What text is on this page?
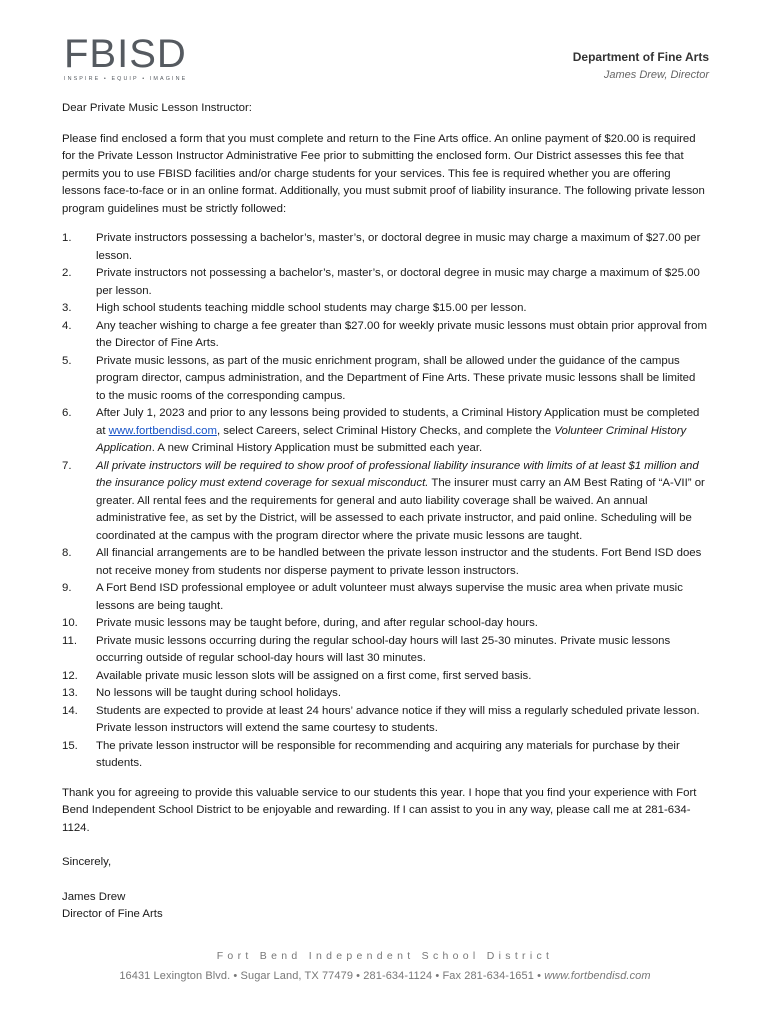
FBISD
INSPIRE • EQUIP • IMAGINE
Department of Fine Arts
James Drew, Director

Dear Private Music Lesson Instructor:

Please find enclosed a form that you must complete and return to the Fine Arts office. An online payment of $20.00 is required for the Private Lesson Instructor Administrative Fee prior to submitting the enclosed form. Our District assesses this fee that permits you to use FBISD facilities and/or charge students for your services. This fee is required whether you are offering lessons face-to-face or in an online format. Additionally, you must submit proof of liability insurance. The following private lesson program guidelines must be strictly followed:

1.	Private instructors possessing a bachelor’s, master’s, or doctoral degree in music may charge a maximum of $27.00 per lesson.
2.	Private instructors not possessing a bachelor’s, master’s, or doctoral degree in music may charge a maximum of $25.00 per lesson.
3.	High school students teaching middle school students may charge $15.00 per lesson.
4.	Any teacher wishing to charge a fee greater than $27.00 for weekly private music lessons must obtain prior approval from the Director of Fine Arts.
5.	Private music lessons, as part of the music enrichment program, shall be allowed under the guidance of the campus program director, campus administration, and the Department of Fine Arts. These private music lessons shall be limited to the music rooms of the corresponding campus.
6.	After July 1, 2023 and prior to any lessons being provided to students, a Criminal History Application must be completed at www.fortbendisd.com, select Careers, select Criminal History Checks, and complete the Volunteer Criminal History Application. A new Criminal History Application must be submitted each year.
7.	All private instructors will be required to show proof of professional liability insurance with limits of at least $1 million and the insurance policy must extend coverage for sexual misconduct. The insurer must carry an AM Best Rating of “A-VII” or greater. All rental fees and the requirements for general and auto liability coverage shall be waived. An annual administrative fee, as set by the District, will be assessed to each private instructor, and paid online. Scheduling will be coordinated at the campus with the program director where the private music lessons are taught.
8.	All financial arrangements are to be handled between the private lesson instructor and the students. Fort Bend ISD does not receive money from students nor disperse payment to private lesson instructors.
9.	A Fort Bend ISD professional employee or adult volunteer must always supervise the music area when private music lessons are being taught.
10.	Private music lessons may be taught before, during, and after regular school-day hours.
11.	Private music lessons occurring during the regular school-day hours will last 25-30 minutes. Private music lessons occurring outside of regular school-day hours will last 30 minutes.
12.	Available private music lesson slots will be assigned on a first come, first served basis.
13.	No lessons will be taught during school holidays.
14.	Students are expected to provide at least 24 hours’ advance notice if they will miss a regularly scheduled private lesson. Private lesson instructors will extend the same courtesy to students.
15.	The private lesson instructor will be responsible for recommending and acquiring any materials for purchase by their students.

Thank you for agreeing to provide this valuable service to our students this year. I hope that you find your experience with Fort Bend Independent School District to be enjoyable and rewarding. If I can assist to you in any way, please call me at 281-634-1124.

Sincerely,

James Drew

Director of Fine Arts

Fort Bend Independent School District
16431 Lexington Blvd. • Sugar Land, TX 77479 • 281-634-1124 • Fax 281-634-1651 • www.fortbendisd.com
